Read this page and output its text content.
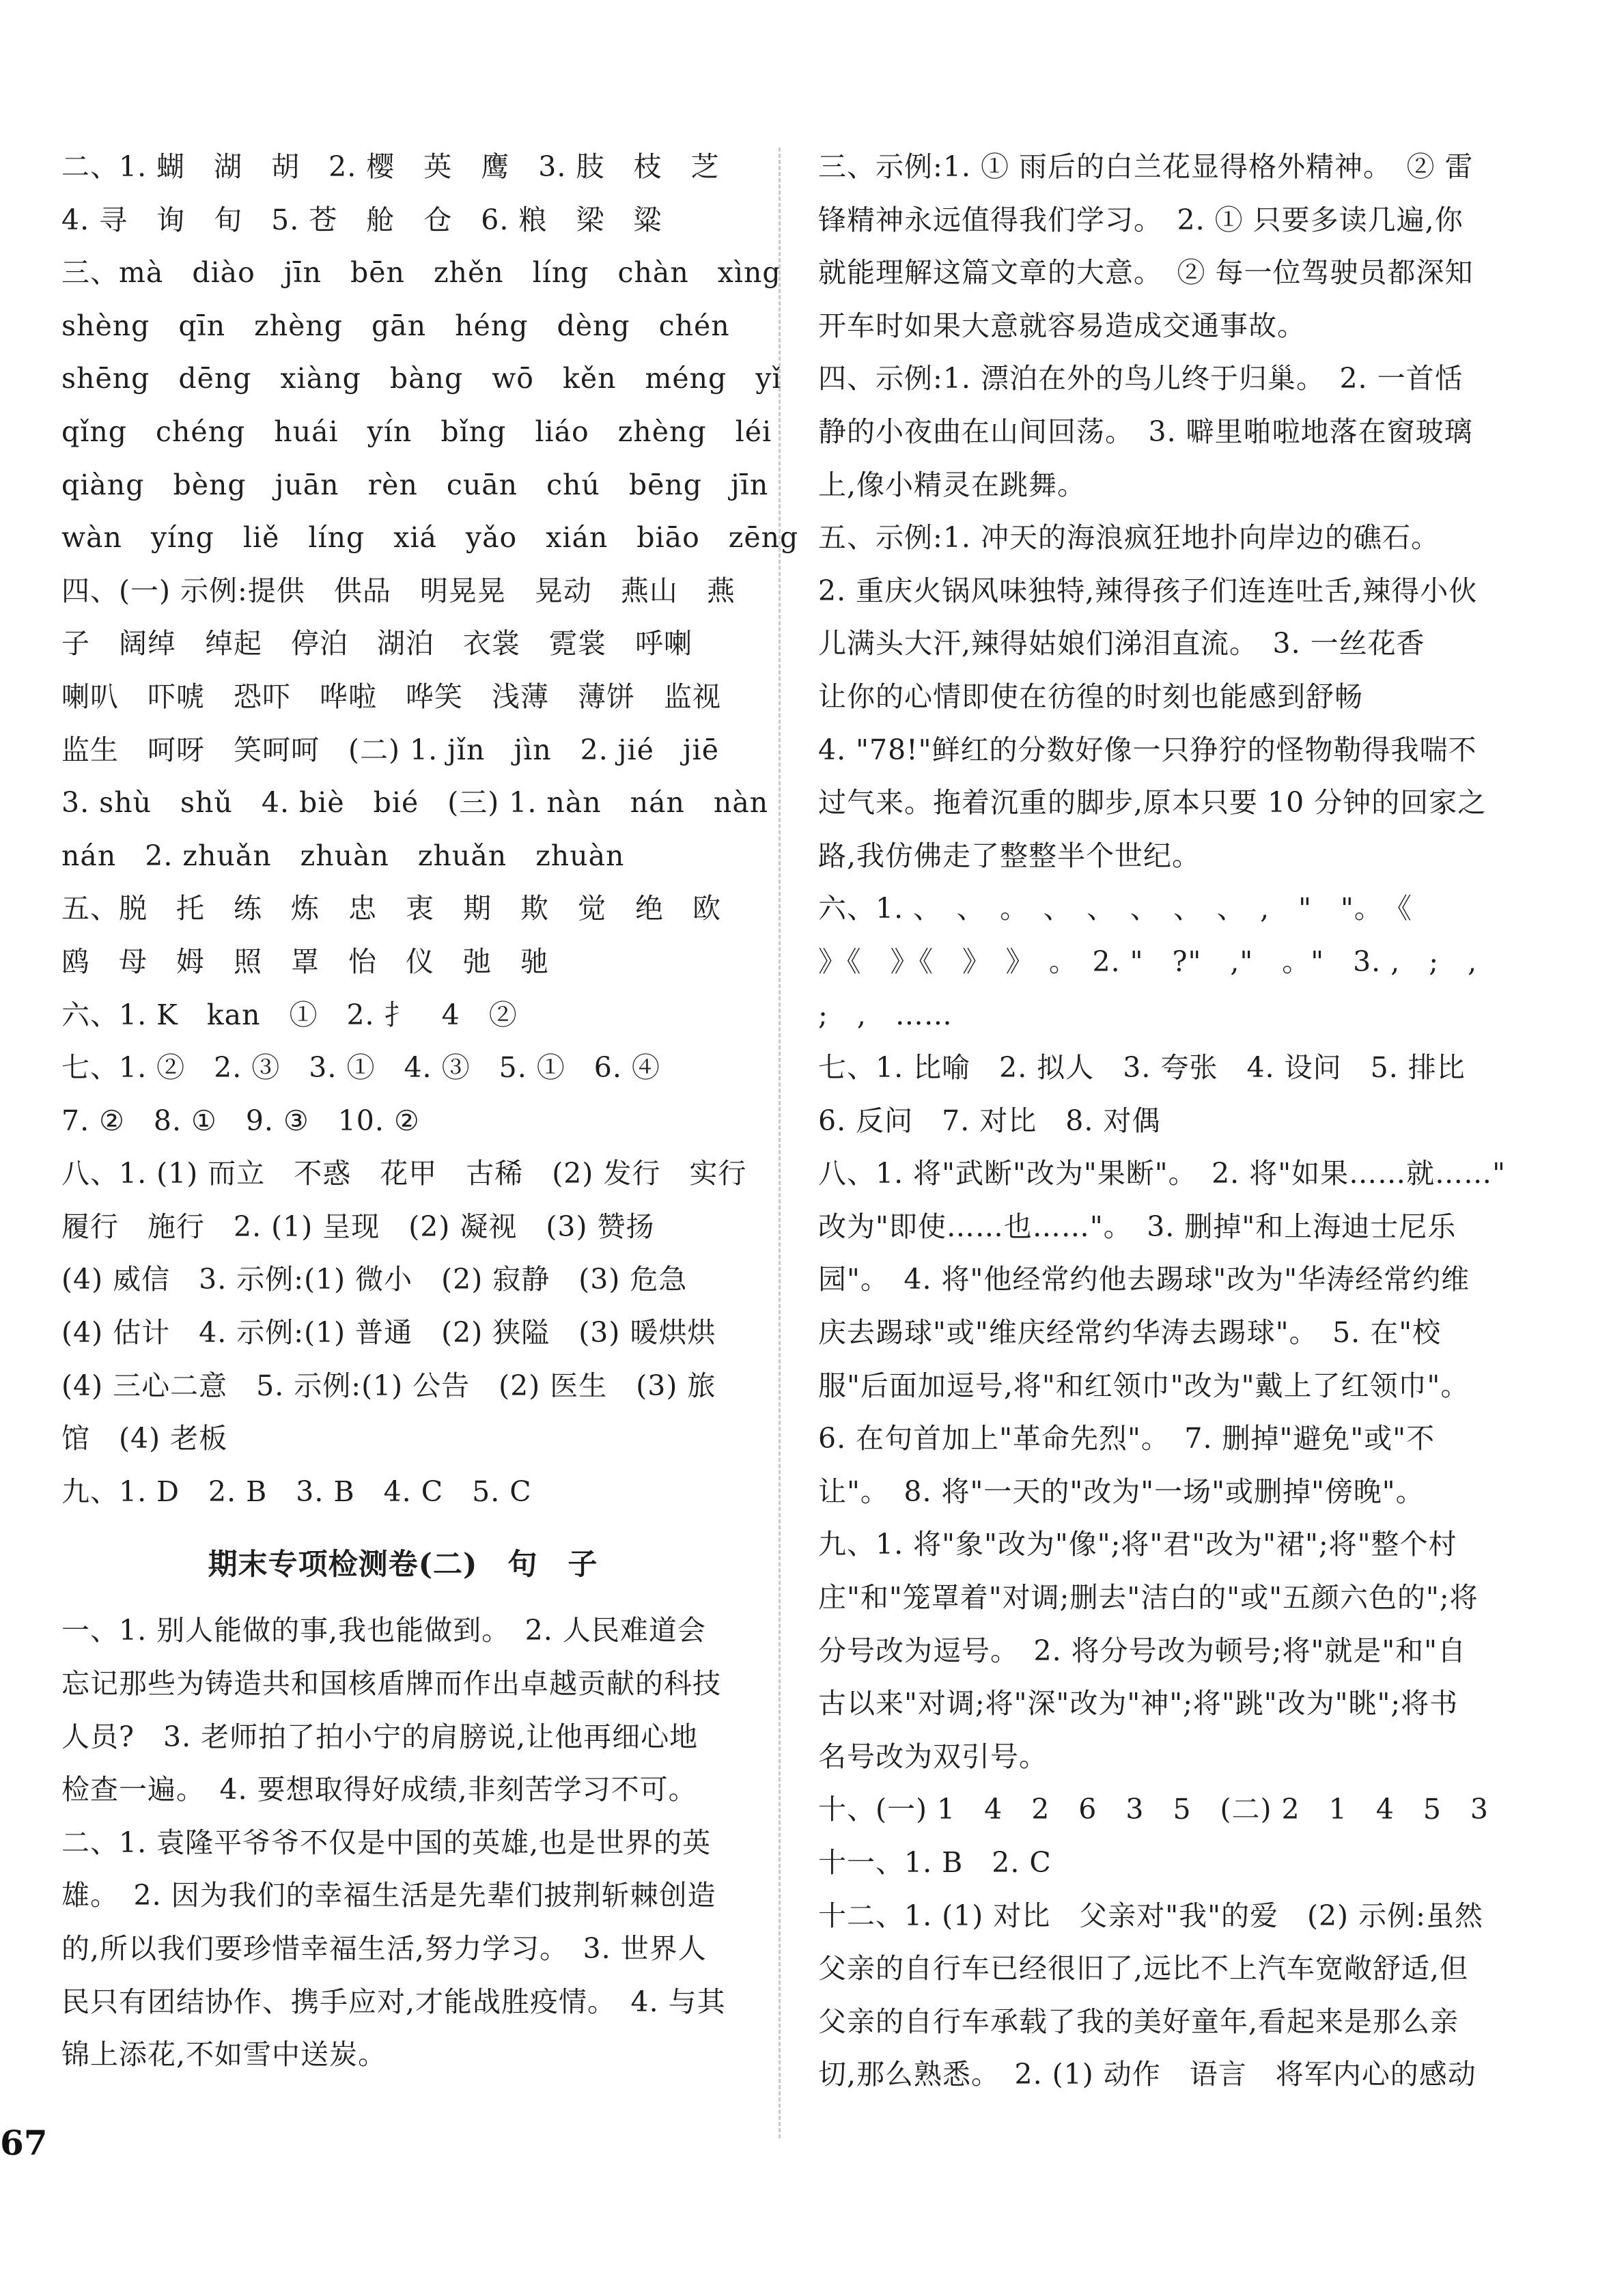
二、1. 蝴　湖　胡　2. 樱　英　鹰　3. 肢　枝　芝
4. 寻　询　旬　5. 苍　舱　仓　6. 粮　梁　粱
三、mà　diào　jīn　bēn　zhěn　líng　chàn　xìng
shèng　qīn　zhèng　gān　héng　dèng　chén
shēng　dēng　xiàng　bàng　wō　kěn　méng　yǐ
qǐng　chéng　huái　yín　bǐng　liáo　zhèng　léi
qiàng　bèng　juān　rèn　cuān　chú　bēng　jīn
wàn　yíng　liě　líng　xiá　yǎo　xián　biāo　zēng
四、(一) 示例:提供　供品　明晃晃　晃动　燕山　燕
子　阔绰　绰起　停泊　湖泊　衣裳　霓裳　呼喇
喇叭　吓唬　恐吓　哗啦　哗笑　浅薄　薄饼　监视
监生　呵呀　笑呵呵　(二) 1. jǐn　jìn　2. jié　jiē
3. shù　shǔ　4. biè　bié　(三) 1. nàn　nán　nàn
nán　2. zhuǎn　zhuàn　zhuǎn　zhuàn
五、脱　托　练　炼　忠　衷　期　欺　觉　绝　欧
鸥　母　姆　照　罩　怡　仪　弛　驰
六、1. K　kan　①　2. 扌　4　②
七、1. ②　2. ③　3. ①　4. ③　5. ①　6. ④
7. ②　8. ①　9. ③　10. ②
八、1. (1) 而立　不惑　花甲　古稀　(2) 发行　实行
履行　施行　2. (1) 呈现　(2) 凝视　(3) 赞扬
(4) 威信　3. 示例:(1) 微小　(2) 寂静　(3) 危急
(4) 估计　4. 示例:(1) 普通　(2) 狭隘　(3) 暖烘烘
(4) 三心二意　5. 示例:(1) 公告　(2) 医生　(3) 旅
馆　(4) 老板
九、1. D　2. B　3. B　4. C　5. C
期末专项检测卷(二)　句　子
一、1. 别人能做的事,我也能做到。　2. 人民难道会
忘记那些为铸造共和国核盾牌而作出卓越贡献的科技
人员?　3. 老师拍了拍小宁的肩膀说,让他再细心地
检查一遍。　4. 要想取得好成绩,非刻苦学习不可。
二、1. 袁隆平爷爷不仅是中国的英雄,也是世界的英
雄。　2. 因为我们的幸福生活是先辈们披荆斩棘创造
的,所以我们要珍惜幸福生活,努力学习。　3. 世界人
民只有团结协作、携手应对,才能战胜疫情。　4. 与其
锦上添花,不如雪中送炭。
三、示例:1. ① 雨后的白兰花显得格外精神。　② 雷
锋精神永远值得我们学习。　2. ① 只要多读几遍,你
就能理解这篇文章的大意。　② 每一位驾驶员都深知
开车时如果大意就容易造成交通事故。
四、示例:1. 漂泊在外的鸟儿终于归巢。　2. 一首恬
静的小夜曲在山间回荡。　3. 噼里啪啦地落在窗玻璃
上,像小精灵在跳舞。
五、示例:1. 冲天的海浪疯狂地扑向岸边的礁石。
2. 重庆火锅风味独特,辣得孩子们连连吐舌,辣得小伙
儿满头大汗,辣得姑娘们涕泪直流。　3. 一丝花香
让你的心情即使在彷徨的时刻也能感到舒畅
4. "78!"鲜红的分数好像一只狰狞的怪物勒得我喘不
过气来。拖着沉重的脚步,原本只要 10 分钟的回家之
路,我仿佛走了整整半个世纪。
六、1. 、　、　。　、　、　、　、　、　,　"　"。　《
》《　》《　》　》　。　2. "　?"　,"　。"　3. ,　;　,
;　,　……
七、1. 比喻　2. 拟人　3. 夸张　4. 设问　5. 排比
6. 反问　7. 对比　8. 对偶
八、1. 将"武断"改为"果断"。　2. 将"如果……就……"
改为"即使……也……"。　3. 删掉"和上海迪士尼乐
园"。　4. 将"他经常约他去踢球"改为"华涛经常约维
庆去踢球"或"维庆经常约华涛去踢球"。　5. 在"校
服"后面加逗号,将"和红领巾"改为"戴上了红领巾"。
6. 在句首加上"革命先烈"。　7. 删掉"避免"或"不
让"。　8. 将"一天的"改为"一场"或删掉"傍晚"。
九、1. 将"象"改为"像";将"君"改为"裙";将"整个村
庄"和"笼罩着"对调;删去"洁白的"或"五颜六色的";将
分号改为逗号。　2. 将分号改为顿号;将"就是"和"自
古以来"对调;将"深"改为"神";将"跳"改为"眺";将书
名号改为双引号。
十、(一) 1　4　2　6　3　5　(二) 2　1　4　5　3
十一、1. B　2. C
十二、1. (1) 对比　父亲对"我"的爱　(2) 示例:虽然
父亲的自行车已经很旧了,远比不上汽车宽敞舒适,但
父亲的自行车承载了我的美好童年,看起来是那么亲
切,那么熟悉。　2. (1) 动作　语言　将军内心的感动
67
